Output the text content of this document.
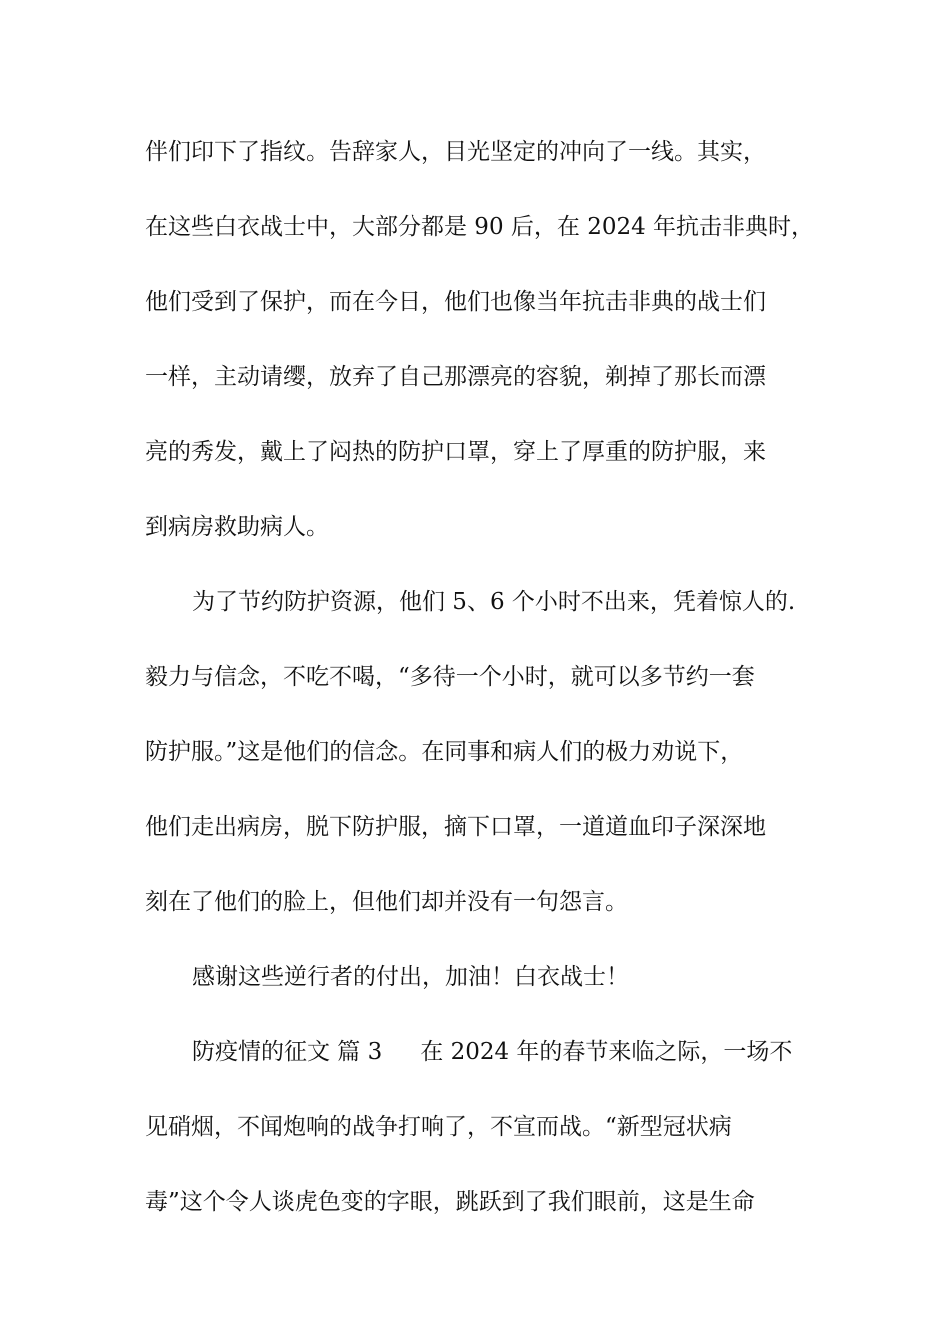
伴们印下了指纹。告辞家人，目光坚定的冲向了一线。其实，
在这些白衣战士中，大部分都是 90 后，在 2024 年抗击非典时，
他们受到了保护，而在今日，他们也像当年抗击非典的战士们
一样，主动请缨，放弃了自己那漂亮的容貌，剃掉了那长而漂
亮的秀发，戴上了闷热的防护口罩，穿上了厚重的防护服，来
到病房救助病人。
为了节约防护资源，他们 5、6 个小时不出来，凭着惊人的.
毅力与信念，不吃不喝，“多待一个小时，就可以多节约一套
防护服。”这是他们的信念。在同事和病人们的极力劝说下，
他们走出病房，脱下防护服，摘下口罩，一道道血印子深深地
刻在了他们的脸上，但他们却并没有一句怨言。
感谢这些逆行者的付出，加油！白衣战士！
防疫情的征文 篇 3 在 2024 年的春节来临之际，一场不
见硝烟，不闻炮响的战争打响了，不宣而战。“新型冠状病
毒”这个令人谈虎色变的字眼，跳跃到了我们眼前，这是生命
